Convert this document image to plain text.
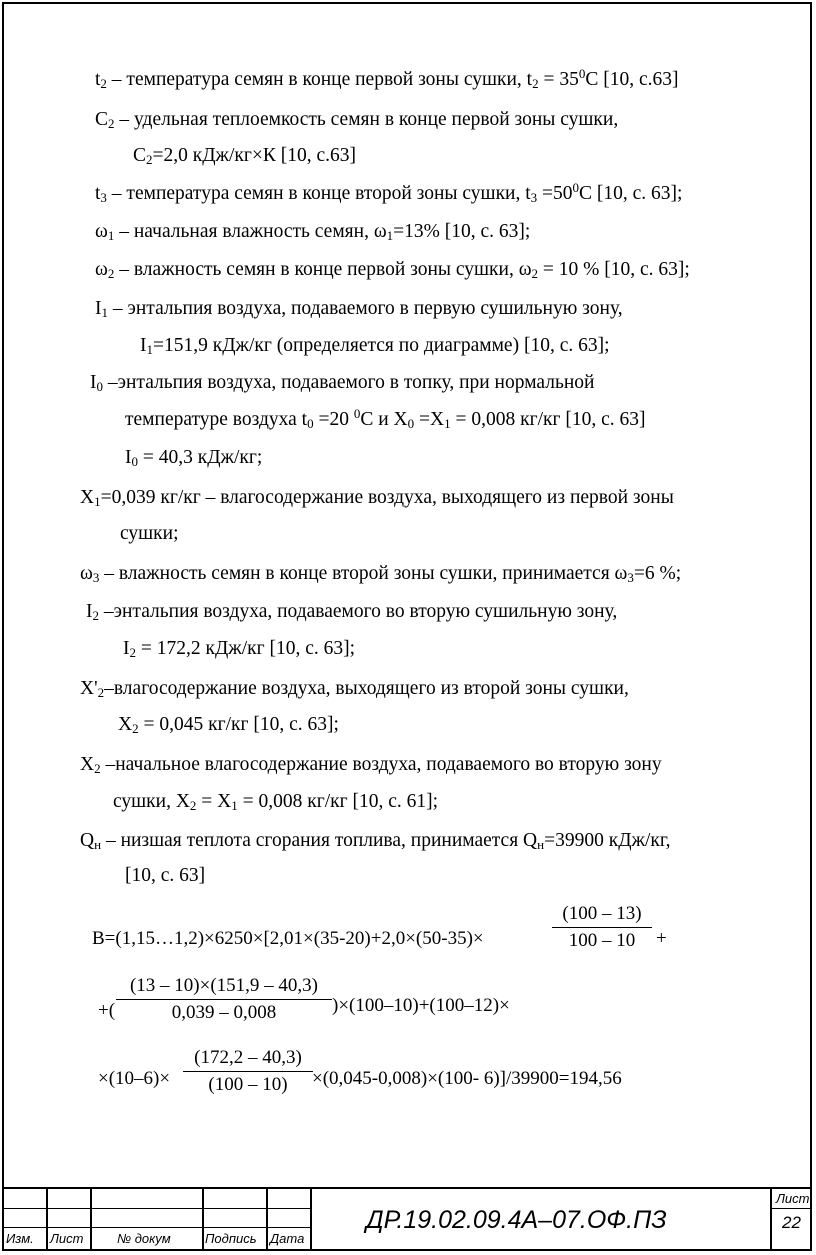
$t_2$ – температура семян в конце первой зоны сушки, $t_2 = 35^0С$ [10, с.63]
$С_2$ – удельная теплоемкость семян в конце первой зоны сушки,
$С_2=2,0$ кДж/кг×К [10, с.63]
$t_3$ – температура семян в конце второй зоны сушки, $t_3 =50^0С$ [10, с. 63];
$\omega_1$ – начальная влажность семян, $\omega_1=13\%$ [10, с. 63];
$\omega_2$ – влажность семян в конце первой зоны сушки, $\omega_2 = 10$ % [10, с. 63];
$I_1$ – энтальпия воздуха, подаваемого в первую сушильную зону,
$I_1=151,9$ кДж/кг (определяется по диаграмме) [10, с. 63];
$I_0$ –энтальпия воздуха, подаваемого в топку, при нормальной
температуре воздуха $t_0 =20$ $^0$С и $Х_0 =Х_1 = 0,008$ кг/кг [10, с. 63]
$I_0 = 40,3$ кДж/кг;
$Х_1=0,039$ кг/кг – влагосодержание воздуха, выходящего из первой зоны
сушки;
$\omega_3$ – влажность семян в конце второй зоны сушки, принимается $\omega_3=6$ %;
$I_2$ –энтальпия воздуха, подаваемого во вторую сушильную зону,
$I_2 = 172,2$ кДж/кг [10, с. 63];
$X'_2$–влагосодержание воздуха, выходящего из второй зоны сушки,
$Х_2 = 0,045$ кг/кг [10, с. 63];
$Х_2$ –начальное влагосодержание воздуха, подаваемого во вторую зону
сушки, $Х_2 = Х_1 = 0,008$ кг/кг [10, с. 61];
$Q_н$ – низшая теплота сгорания топлива, принимается $Q_н=39900$ кДж/кг,
[10, с. 63]
В=(1,15…1,2)×6250×[2,01×(35-20)+2,0×(50-35)×
(100 – 13)
100 – 10	+
+(
(13 – 10)×(151,9 – 40,3)
0,039 – 0,008	)×(100–10)+(100–12)×
×(10–6)×
(172,2 – 40,3)
(100 – 10)	×(0,045-0,008)×(100- 6)]/39900=194,56
Изм. Лист	№ докум	Подпись Дата
ДР.19.02.09.4А–07.ОФ.ПЗ
Лист
22
